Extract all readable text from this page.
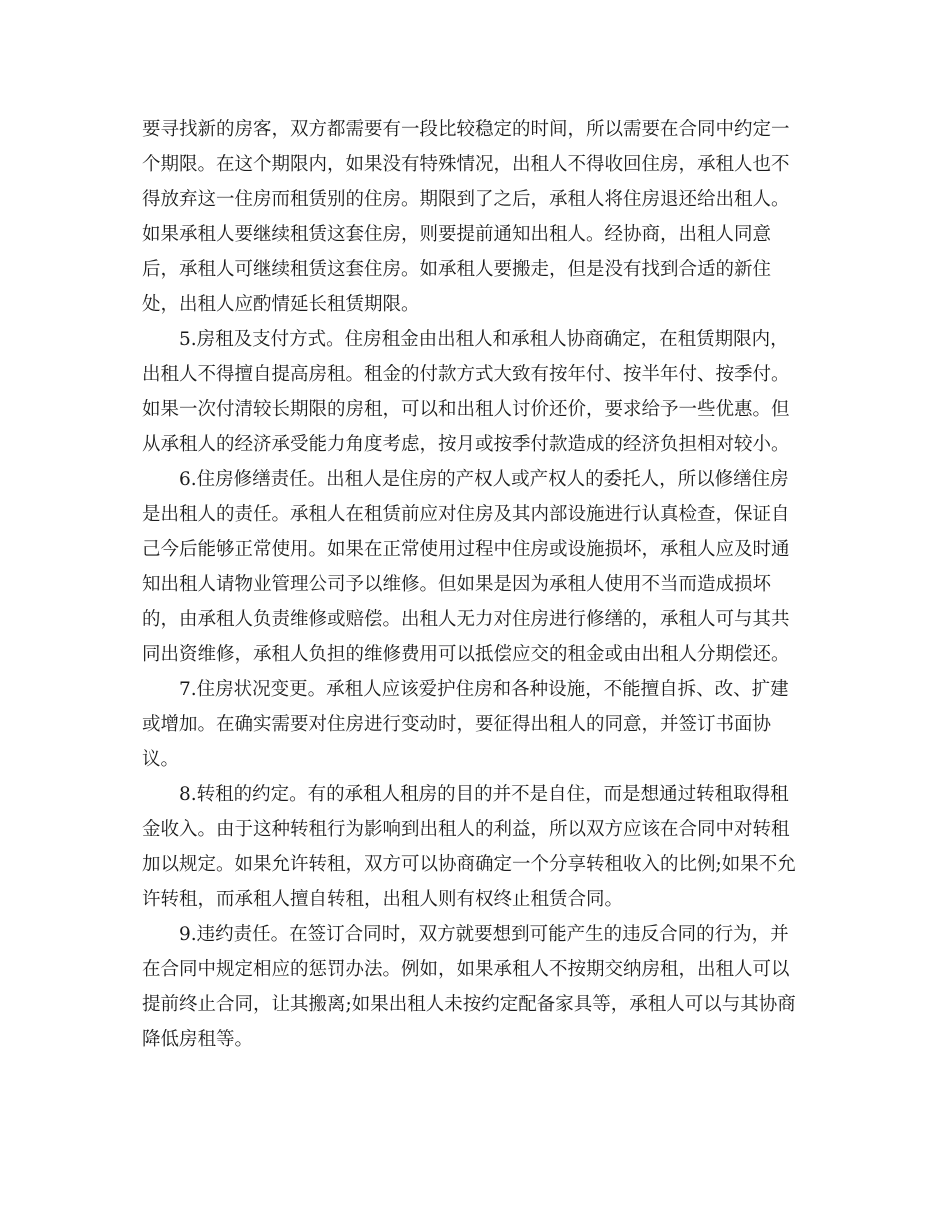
要寻找新的房客，双方都需要有一段比较稳定的时间，所以需要在合同中约定一
个期限。在这个期限内，如果没有特殊情况，出租人不得收回住房，承租人也不
得放弃这一住房而租赁别的住房。期限到了之后，承租人将住房退还给出租人。
如果承租人要继续租赁这套住房，则要提前通知出租人。经协商，出租人同意
后，承租人可继续租赁这套住房。如承租人要搬走，但是没有找到合适的新住
处，出租人应酌情延长租赁期限。
　　5.房租及支付方式。住房租金由出租人和承租人协商确定，在租赁期限内，
出租人不得擅自提高房租。租金的付款方式大致有按年付、按半年付、按季付。
如果一次付清较长期限的房租，可以和出租人讨价还价，要求给予一些优惠。但
从承租人的经济承受能力角度考虑，按月或按季付款造成的经济负担相对较小。
　　6.住房修缮责任。出租人是住房的产权人或产权人的委托人，所以修缮住房
是出租人的责任。承租人在租赁前应对住房及其内部设施进行认真检查，保证自
己今后能够正常使用。如果在正常使用过程中住房或设施损坏，承租人应及时通
知出租人请物业管理公司予以维修。但如果是因为承租人使用不当而造成损坏
的，由承租人负责维修或赔偿。出租人无力对住房进行修缮的，承租人可与其共
同出资维修，承租人负担的维修费用可以抵偿应交的租金或由出租人分期偿还。
　　7.住房状况变更。承租人应该爱护住房和各种设施，不能擅自拆、改、扩建
或增加。在确实需要对住房进行变动时，要征得出租人的同意，并签订书面协
议。
　　8.转租的约定。有的承租人租房的目的并不是自住，而是想通过转租取得租
金收入。由于这种转租行为影响到出租人的利益，所以双方应该在合同中对转租
加以规定。如果允许转租，双方可以协商确定一个分享转租收入的比例;如果不允
许转租，而承租人擅自转租，出租人则有权终止租赁合同。
　　9.违约责任。在签订合同时，双方就要想到可能产生的违反合同的行为，并
在合同中规定相应的惩罚办法。例如，如果承租人不按期交纳房租，出租人可以
提前终止合同，让其搬离;如果出租人未按约定配备家具等，承租人可以与其协商
降低房租等。
